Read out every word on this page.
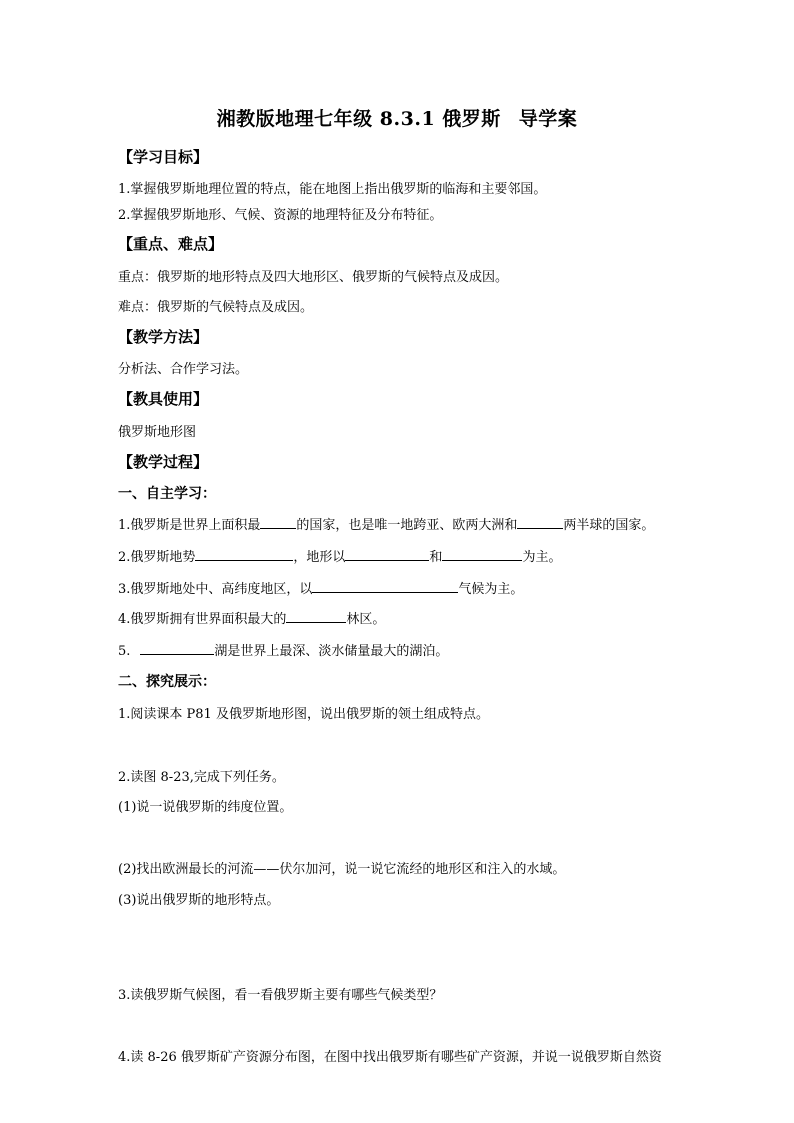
湘教版地理七年级 8.3.1 俄罗斯 导学案
【学习目标】
1.掌握俄罗斯地理位置的特点，能在地图上指出俄罗斯的临海和主要邻国。
2.掌握俄罗斯地形、气候、资源的地理特征及分布特征。
【重点、难点】
重点：俄罗斯的地形特点及四大地形区、俄罗斯的气候特点及成因。
难点：俄罗斯的气候特点及成因。
【教学方法】
分析法、合作学习法。
【教具使用】
俄罗斯地形图
【教学过程】
一、自主学习：
1.俄罗斯是世界上面积最	的国家，也是唯一地跨亚、欧两大洲和	两半球的国家。
2.俄罗斯地势	，地形以	和	为主。
3.俄罗斯地处中、高纬度地区，以	气候为主。
4.俄罗斯拥有世界面积最大的	林区。
5.	湖是世界上最深、淡水储量最大的湖泊。
二、探究展示：
1.阅读课本 P81 及俄罗斯地形图，说出俄罗斯的领土组成特点。
2.读图 8-23,完成下列任务。
(1)说一说俄罗斯的纬度位置。
(2)找出欧洲最长的河流——伏尔加河，说一说它流经的地形区和注入的水域。
(3)说出俄罗斯的地形特点。
3.读俄罗斯气候图，看一看俄罗斯主要有哪些气候类型？
4.读 8-26 俄罗斯矿产资源分布图，在图中找出俄罗斯有哪些矿产资源，并说一说俄罗斯自然资
